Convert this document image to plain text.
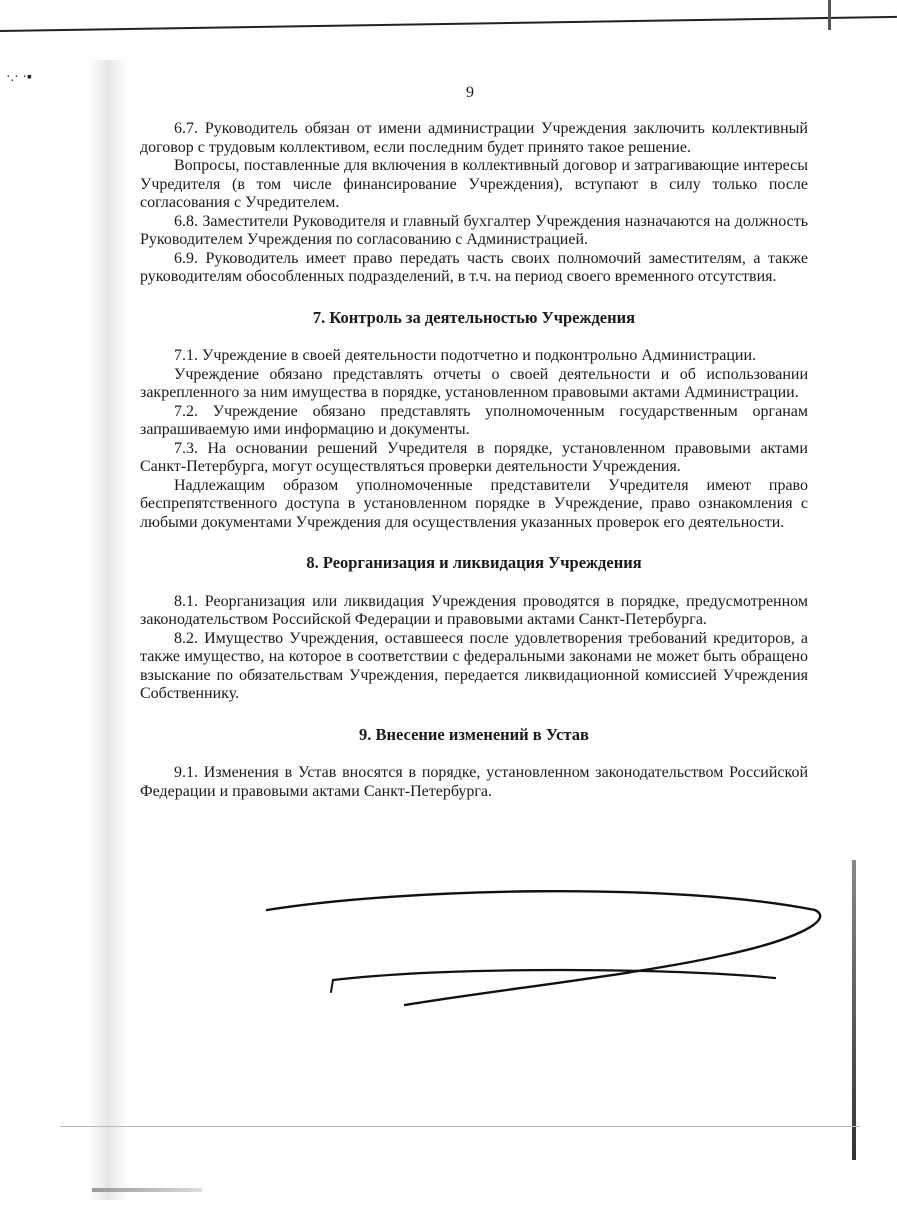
·.· ·▪
9

6.7. Руководитель обязан от имени администрации Учреждения заключить коллективный договор с трудовым коллективом, если последним будет принято такое решение.

Вопросы, поставленные для включения в коллективный договор и затрагивающие интересы Учредителя (в том числе финансирование Учреждения), вступают в силу только после согласования с Учредителем.

6.8. Заместители Руководителя и главный бухгалтер Учреждения назначаются на должность Руководителем Учреждения по согласованию с Администрацией.

6.9. Руководитель имеет право передать часть своих полномочий заместителям, а также руководителям обособленных подразделений, в т.ч. на период своего временного отсутствия.

7. Контроль за деятельностью Учреждения

7.1. Учреждение в своей деятельности подотчетно и подконтрольно Администрации.

Учреждение обязано представлять отчеты о своей деятельности и об использовании закрепленного за ним имущества в порядке, установленном правовыми актами Администрации.

7.2. Учреждение обязано представлять уполномоченным государственным органам запрашиваемую ими информацию и документы.

7.3. На основании решений Учредителя в порядке, установленном правовыми актами Санкт-Петербурга, могут осуществляться проверки деятельности Учреждения.

Надлежащим образом уполномоченные представители Учредителя имеют право беспрепятственного доступа в установленном порядке в Учреждение, право ознакомления с любыми документами Учреждения для осуществления указанных проверок его деятельности.

8. Реорганизация и ликвидация Учреждения

8.1. Реорганизация или ликвидация Учреждения проводятся в порядке, предусмотренном законодательством Российской Федерации и правовыми актами Санкт-Петербурга.

8.2. Имущество Учреждения, оставшееся после удовлетворения требований кредиторов, а также имущество, на которое в соответствии с федеральными законами не может быть обращено взыскание по обязательствам Учреждения, передается ликвидационной комиссией Учреждения Собственнику.

9. Внесение изменений в Устав

9.1. Изменения в Устав вносятся в порядке, установленном законодательством Российской Федерации и правовыми актами Санкт-Петербурга.
